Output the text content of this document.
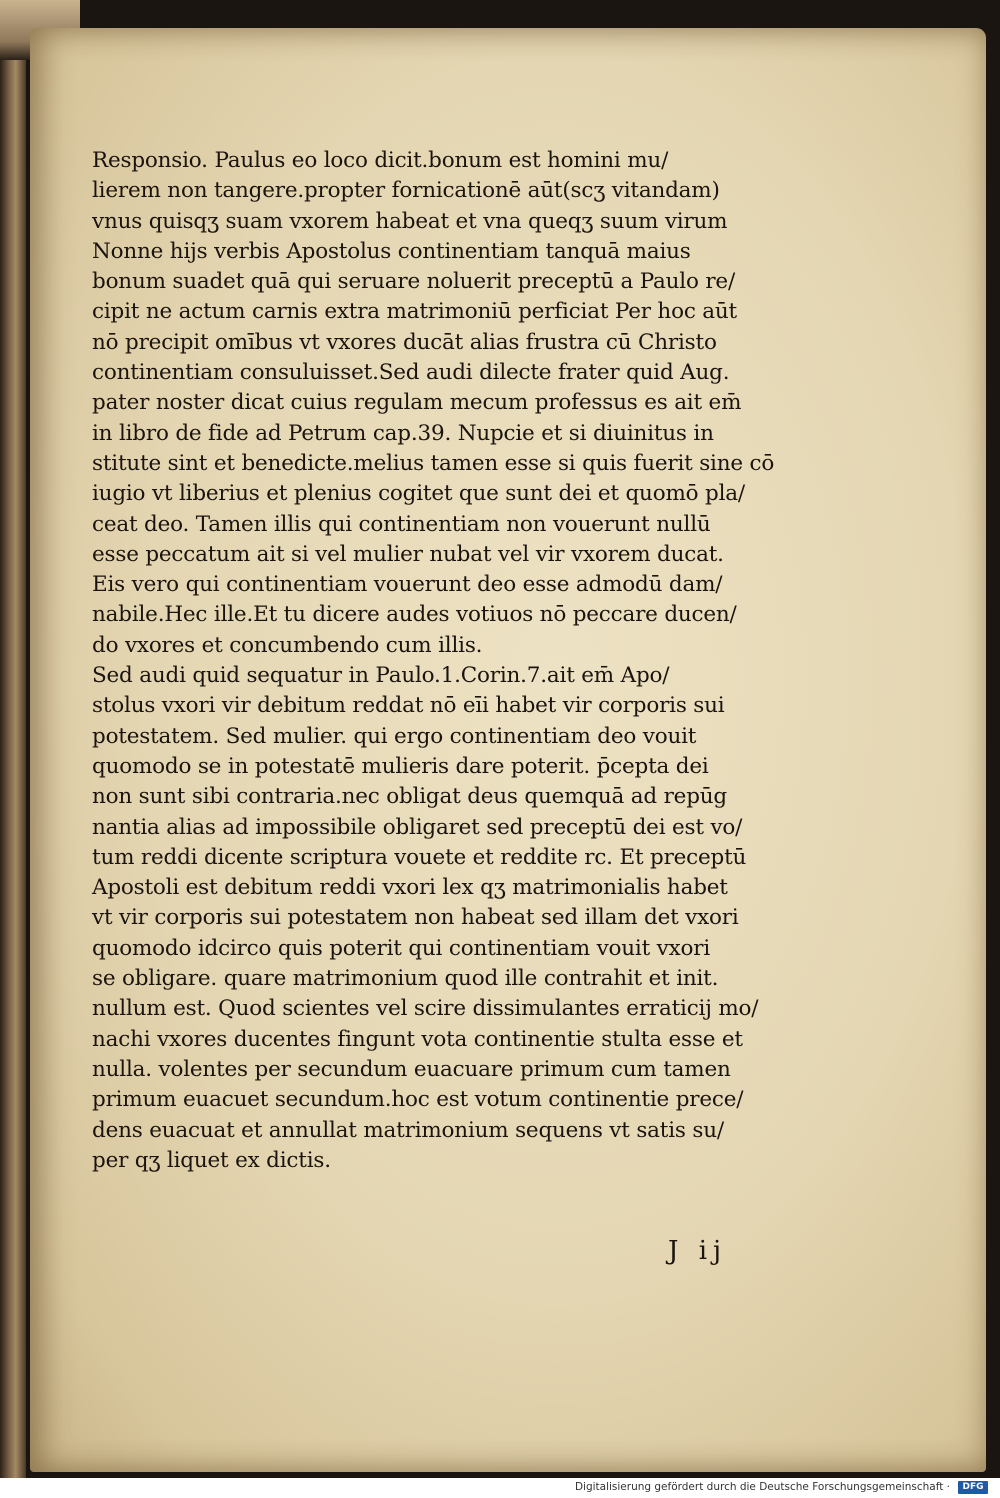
Responsio. Paulus eo loco dicit.bonum est homini mu/
lierem non tangere.propter fornicationē aūt(scʒ vitandam)
vnus quisqʒ suam vxorem habeat et vna queqʒ suum virum
Nonne hijs verbis Apostolus continentiam tanquā maius
bonum suadet quā qui seruare noluerit preceptū a Paulo re/
cipit ne actum carnis extra matrimoniū perficiat Per hoc aūt
nō precipit omībus vt vxores ducāt alias frustra cū Christo
continentiam consuluisset.Sed audi dilecte frater quid Aug.
pater noster dicat cuius regulam mecum professus es ait em̄
in libro de fide ad Petrum cap.39. Nupcie et si diuinitus in
stitute sint et benedicte.melius tamen esse si quis fuerit sine cō
iugio vt liberius et plenius cogitet que sunt dei et quomō pla/
ceat deo. Tamen illis qui continentiam non vouerunt nullū
esse peccatum ait si vel mulier nubat vel vir vxorem ducat.
Eis vero qui continentiam vouerunt deo esse admodū dam/
nabile.Hec ille.Et tu dicere audes votiuos nō peccare ducen/
do vxores et concumbendo cum illis.
Sed audi quid sequatur in Paulo.1.Corin.7.ait em̄ Apo/
stolus vxori vir debitum reddat nō eīi habet vir corporis sui
potestatem. Sed mulier. qui ergo continentiam deo vouit
quomodo se in potestatē mulieris dare poterit. p̄cepta dei
non sunt sibi contraria.nec obligat deus quemquā ad repūg
nantia alias ad impossibile obligaret sed preceptū dei est vo/
tum reddi dicente scriptura vouete et reddite rc. Et preceptū
Apostoli est debitum reddi vxori lex qʒ matrimonialis habet
vt vir corporis sui potestatem non habeat sed illam det vxori
quomodo idcirco quis poterit qui continentiam vouit vxori
se obligare. quare matrimonium quod ille contrahit et init.
nullum est. Quod scientes vel scire dissimulantes erraticij mo/
nachi vxores ducentes fingunt vota continentie stulta esse et
nulla. volentes per secundum euacuare primum cum tamen
primum euacuet secundum.hoc est votum continentie prece/
dens euacuat et annullat matrimonium sequens vt satis su/
per qʒ liquet ex dictis.
J ij
Digitalisierung gefördert durch die Deutsche Forschungsgemeinschaft ·	DFG
